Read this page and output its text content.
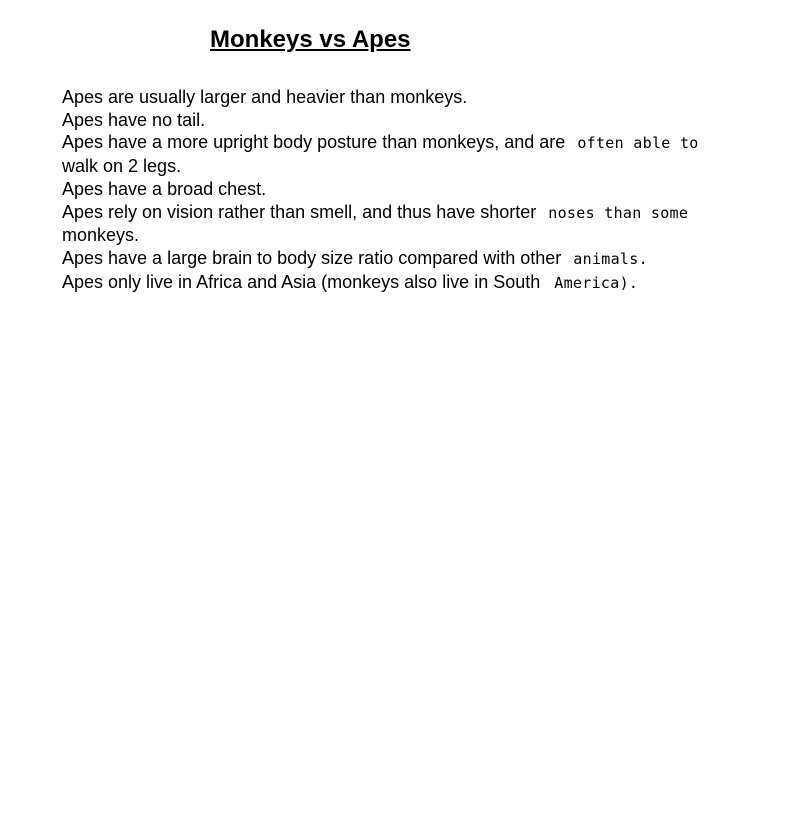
Monkeys vs Apes
Apes are usually larger and heavier than monkeys.
Apes have no tail.
Apes have a more upright body posture than monkeys, and are often able to
walk on 2 legs.
Apes have a broad chest.
Apes rely on vision rather than smell, and thus have shorter noses than some
monkeys.
Apes have a large brain to body size ratio compared with other animals.
Apes only live in Africa and Asia (monkeys also live in South America).
